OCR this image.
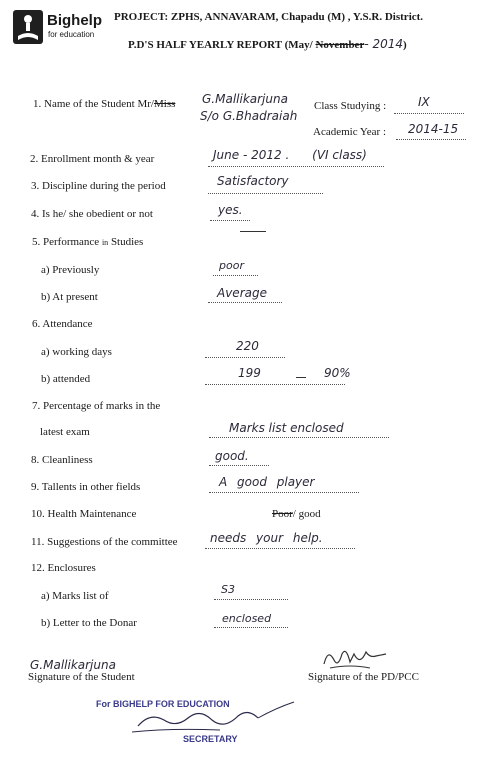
Bighelp
for education
PROJECT: ZPHS, ANNAVARAM, Chapadu (M) , Y.S.R. District.
P.D'S HALF YEARLY REPORT (May/ November- 2014)
1. Name of the Student Mr/Miss G.Mallikarjuna
S/o G.Bhadraiah
Class Studying :	IX
Academic Year : 2014-15
2. Enrollment month & year	June - 2012 .      (VI class)
3. Discipline during the period	Satisfactory
4. Is he/ she obedient or not	yes.
5. Performance in Studies
a) Previously	poor
b) At present	Average
6. Attendance
a) working days	220
b) attended	199	90%
7. Percentage of marks in the
latest exam	Marks list enclosed
8. Cleanliness	good.
9. Tallents in other fields	A good player
10. Health Maintenance	Poor/ good
11. Suggestions of the committee	needs your help.
12. Enclosures
a) Marks list of	S3
b) Letter to the Donar	enclosed
G.Mallikarjuna
Signature of the Student	Signature of the PD/PCC
For BIGHELP FOR EDUCATION
SECRETARY
